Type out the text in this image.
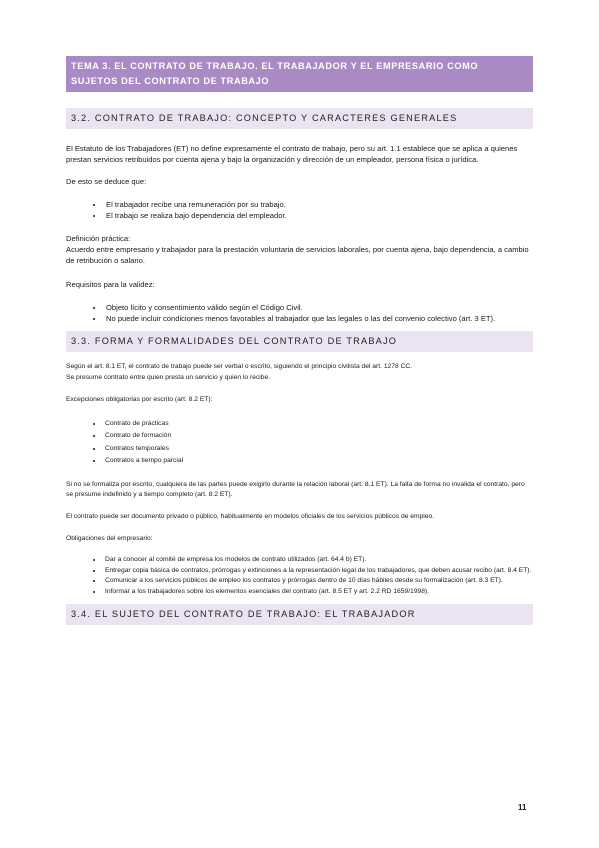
TEMA 3. EL CONTRATO DE TRABAJO. EL TRABAJADOR Y EL EMPRESARIO COMO SUJETOS DEL CONTRATO DE TRABAJO
3.2. CONTRATO DE TRABAJO: CONCEPTO Y CARACTERES GENERALES

El Estatuto de los Trabajadores (ET) no define expresamente el contrato de trabajo, pero su art. 1.1 establece que se aplica a quienes prestan servicios retribuidos por cuenta ajena y bajo la organización y dirección de un empleador, persona física o jurídica.

De esto se deduce que:

• El trabajador recibe una remuneración por su trabajo.
• El trabajo se realiza bajo dependencia del empleador.

Definición práctica:

Acuerdo entre empresario y trabajador para la prestación voluntaria de servicios laborales, por cuenta ajena, bajo dependencia, a cambio de retribución o salario.

Requisitos para la validez:

• Objeto lícito y consentimiento válido según el Código Civil.
• No puede incluir condiciones menos favorables al trabajador que las legales o las del convenio colectivo (art. 3 ET).
3.3. FORMA Y FORMALIDADES DEL CONTRATO DE TRABAJO

Según el art. 8.1 ET, el contrato de trabajo puede ser verbal o escrito, siguiendo el principio civilista del art. 1278 CC.

Se presume contrato entre quien presta un servicio y quien lo recibe.

Excepciones obligatorias por escrito (art. 8.2 ET):

• Contrato de prácticas
• Contrato de formación
• Contratos temporales
• Contratos a tiempo parcial

Si no se formaliza por escrito, cualquiera de las partes puede exigirlo durante la relación laboral (art. 8.1 ET). La falta de forma no invalida el contrato, pero se presume indefinido y a tiempo completo (art. 8.2 ET).

El contrato puede ser documento privado o público, habitualmente en modelos oficiales de los servicios públicos de empleo.

Obligaciones del empresario:

• Dar a conocer al comité de empresa los modelos de contrato utilizados (art. 64.4 b) ET).
• Entregar copia básica de contratos, prórrogas y extinciones a la representación legal de los trabajadores, que deben acusar recibo (art. 8.4 ET).
• Comunicar a los servicios públicos de empleo los contratos y prórrogas dentro de 10 días hábiles desde su formalización (art. 8.3 ET).
• Informar a los trabajadores sobre los elementos esenciales del contrato (art. 8.5 ET y art. 2.2 RD 1659/1998).
3.4. EL SUJETO DEL CONTRATO DE TRABAJO: EL TRABAJADOR
11
